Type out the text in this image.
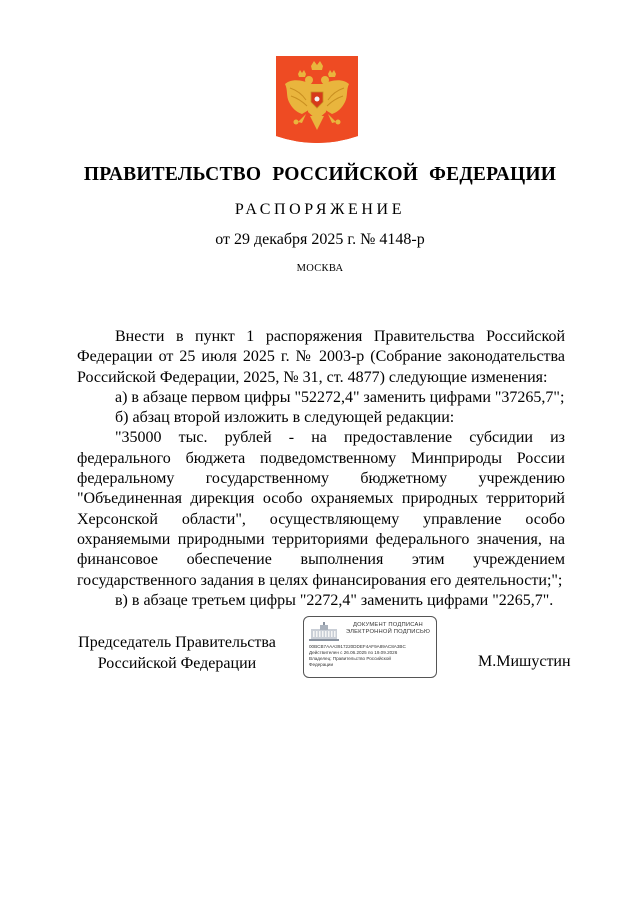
ПРАВИТЕЛЬСТВО РОССИЙСКОЙ ФЕДЕРАЦИИ
РАСПОРЯЖЕНИЕ
от 29 декабря 2025 г. № 4148-р
МОСКВА

Внести в пункт 1 распоряжения Правительства Российской Федерации от 25 июля 2025 г. № 2003-р (Собрание законодательства Российской Федерации, 2025, № 31, ст. 4877) следующие изменения:

а) в абзаце первом цифры "52272,4" заменить цифрами "37265,7";

б) абзац второй изложить в следующей редакции:

"35000 тыс. рублей - на предоставление субсидии из федерального бюджета подведомственному Минприроды России федеральному государственному бюджетному учреждению "Объединенная дирекция особо охраняемых природных территорий Херсонской области", осуществляющему управление особо охраняемыми природными территориями федерального значения, на финансовое обеспечение выполнения этим учреждением государственного задания в целях финансирования его деятельности;";

в) в абзаце третьем цифры "2272,4" заменить цифрами "2265,7".

Председатель Правительства
Российской Федерации
ДОКУМЕНТ ПОДПИСАН
ЭЛЕКТРОННОЙ ПОДПИСЬЮ
00BCB7AAA3917220DDEF4AF9A89AC8A3BC
Действителен с 26.06.2025 по 19.09.2026
Владелец: Правительство Российской
Федерации	М.Мишустин
